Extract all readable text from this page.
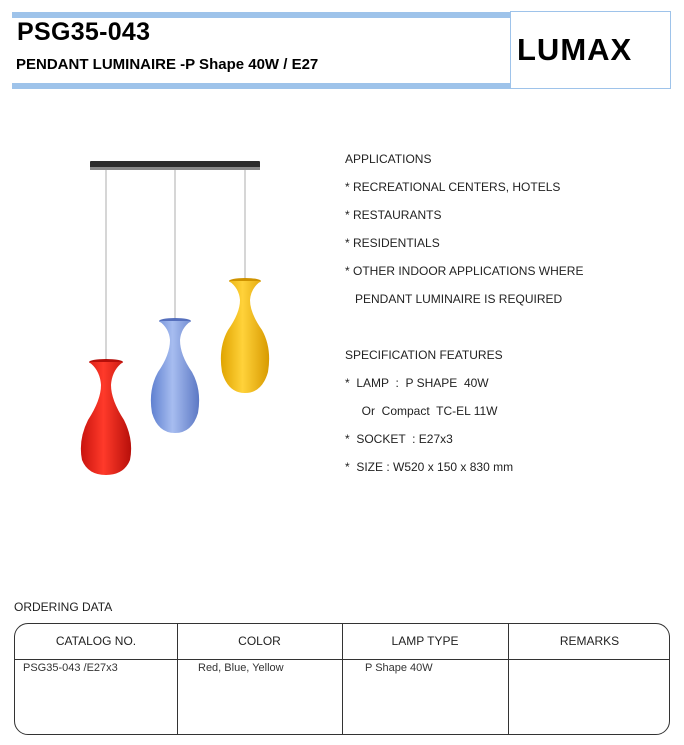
PSG35-043
PENDANT LUMINAIRE -P Shape 40W / E27	LUMAX
APPLICATIONS
* RECREATIONAL CENTERS, HOTELS
* RESTAURANTS
* RESIDENTIALS
* OTHER INDOOR APPLICATIONS WHERE
PENDANT LUMINAIRE IS REQUIRED
SPECIFICATION FEATURES
*  LAMP  :  P SHAPE  40W
Or  Compact  TC-EL 11W
*  SOCKET  : E27x3
*  SIZE : W520 x 150 x 830 mm
ORDERING DATA
CATALOG NO.	COLOR	LAMP TYPE	REMARKS
PSG35-043 /E27x3	Red, Blue, Yellow	P Shape 40W
